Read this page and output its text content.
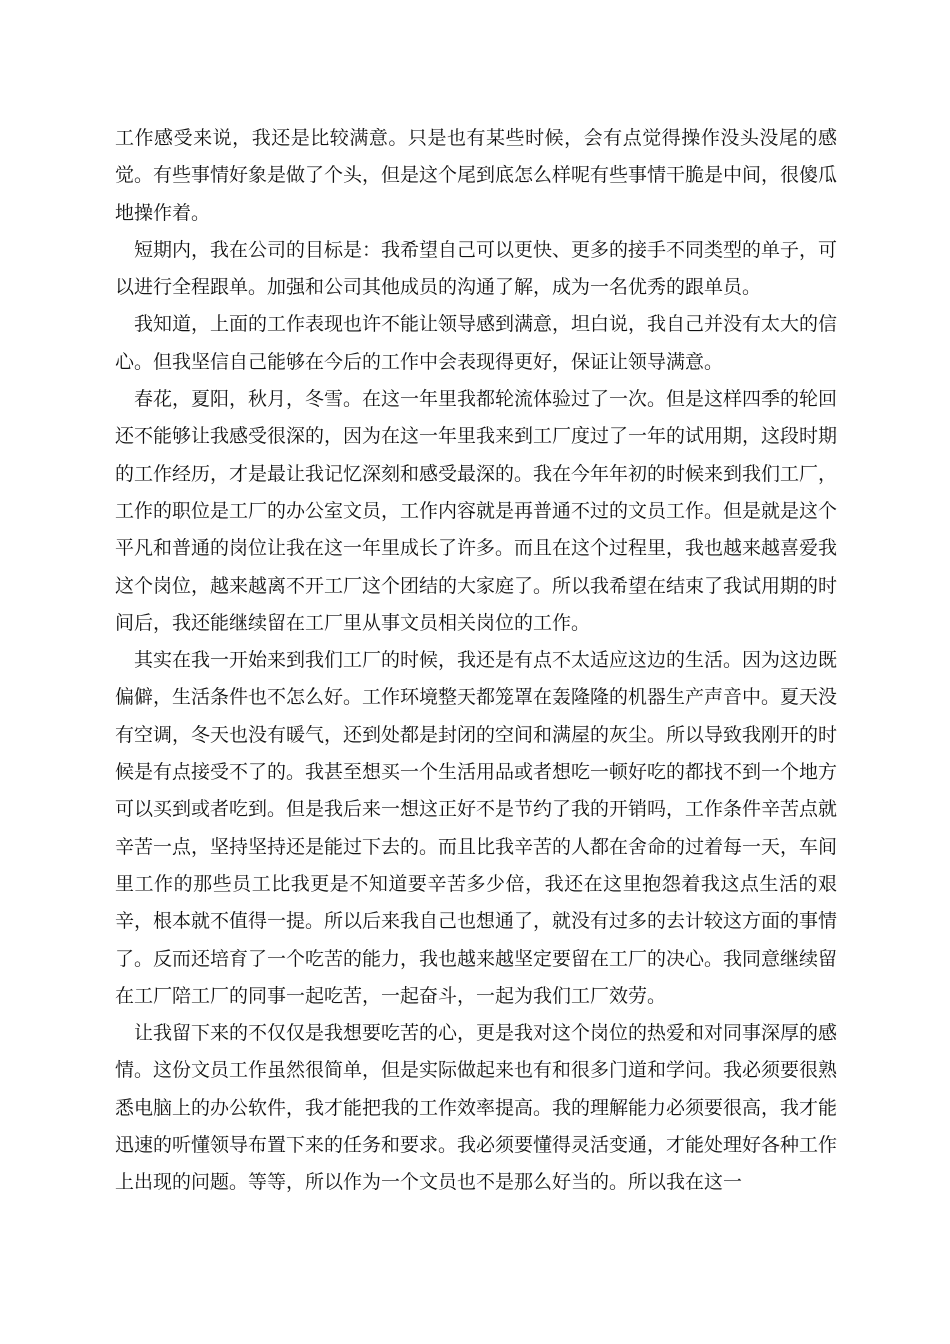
工作感受来说，我还是比较满意。只是也有某些时候，会有点觉得操作没头没尾的感觉。有些事情好象是做了个头，但是这个尾到底怎么样呢有些事情干脆是中间，很傻瓜地操作着。

短期内，我在公司的目标是：我希望自己可以更快、更多的接手不同类型的单子，可以进行全程跟单。加强和公司其他成员的沟通了解，成为一名优秀的跟单员。

我知道，上面的工作表现也许不能让领导感到满意，坦白说，我自己并没有太大的信心。但我坚信自己能够在今后的工作中会表现得更好，保证让领导满意。

春花，夏阳，秋月，冬雪。在这一年里我都轮流体验过了一次。但是这样四季的轮回还不能够让我感受很深的，因为在这一年里我来到工厂度过了一年的试用期，这段时期的工作经历，才是最让我记忆深刻和感受最深的。我在今年年初的时候来到我们工厂，工作的职位是工厂的办公室文员，工作内容就是再普通不过的文员工作。但是就是这个平凡和普通的岗位让我在这一年里成长了许多。而且在这个过程里，我也越来越喜爱我这个岗位，越来越离不开工厂这个团结的大家庭了。所以我希望在结束了我试用期的时间后，我还能继续留在工厂里从事文员相关岗位的工作。

其实在我一开始来到我们工厂的时候，我还是有点不太适应这边的生活。因为这边既偏僻，生活条件也不怎么好。工作环境整天都笼罩在轰隆隆的机器生产声音中。夏天没有空调，冬天也没有暖气，还到处都是封闭的空间和满屋的灰尘。所以导致我刚开的时候是有点接受不了的。我甚至想买一个生活用品或者想吃一顿好吃的都找不到一个地方可以买到或者吃到。但是我后来一想这正好不是节约了我的开销吗，工作条件辛苦点就辛苦一点，坚持坚持还是能过下去的。而且比我辛苦的人都在舍命的过着每一天，车间里工作的那些员工比我更是不知道要辛苦多少倍，我还在这里抱怨着我这点生活的艰辛，根本就不值得一提。所以后来我自己也想通了，就没有过多的去计较这方面的事情了。反而还培育了一个吃苦的能力，我也越来越坚定要留在工厂的决心。我同意继续留在工厂陪工厂的同事一起吃苦，一起奋斗，一起为我们工厂效劳。

让我留下来的不仅仅是我想要吃苦的心，更是我对这个岗位的热爱和对同事深厚的感情。这份文员工作虽然很简单，但是实际做起来也有和很多门道和学问。我必须要很熟悉电脑上的办公软件，我才能把我的工作效率提高。我的理解能力必须要很高，我才能迅速的听懂领导布置下来的任务和要求。我必须要懂得灵活变通，才能处理好各种工作上出现的问题。等等，所以作为一个文员也不是那么好当的。所以我在这一
